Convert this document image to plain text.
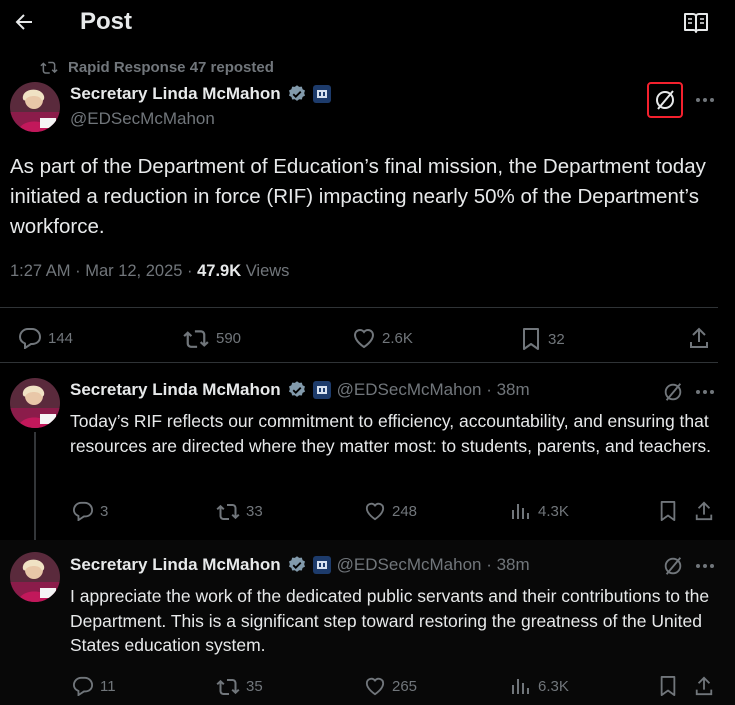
Post
Rapid Response 47 reposted
Secretary Linda McMahon
@EDSecMcMahon
As part of the Department of Education’s final mission, the Department today initiated a reduction in force (RIF) impacting nearly 50% of the Department’s workforce.
1:27 AM · Mar 12, 2025 · 47.9K Views
144	590	2.6K	32
Secretary Linda McMahon	@EDSecMcMahon · 38m
Today’s RIF reflects our commitment to efficiency, accountability, and ensuring that resources are directed where they matter most: to students, parents, and teachers.
3	33	248	4.3K
Secretary Linda McMahon	@EDSecMcMahon · 38m
I appreciate the work of the dedicated public servants and their contributions to the Department. This is a significant step toward restoring the greatness of the United States education system.
11	35	265	6.3K
